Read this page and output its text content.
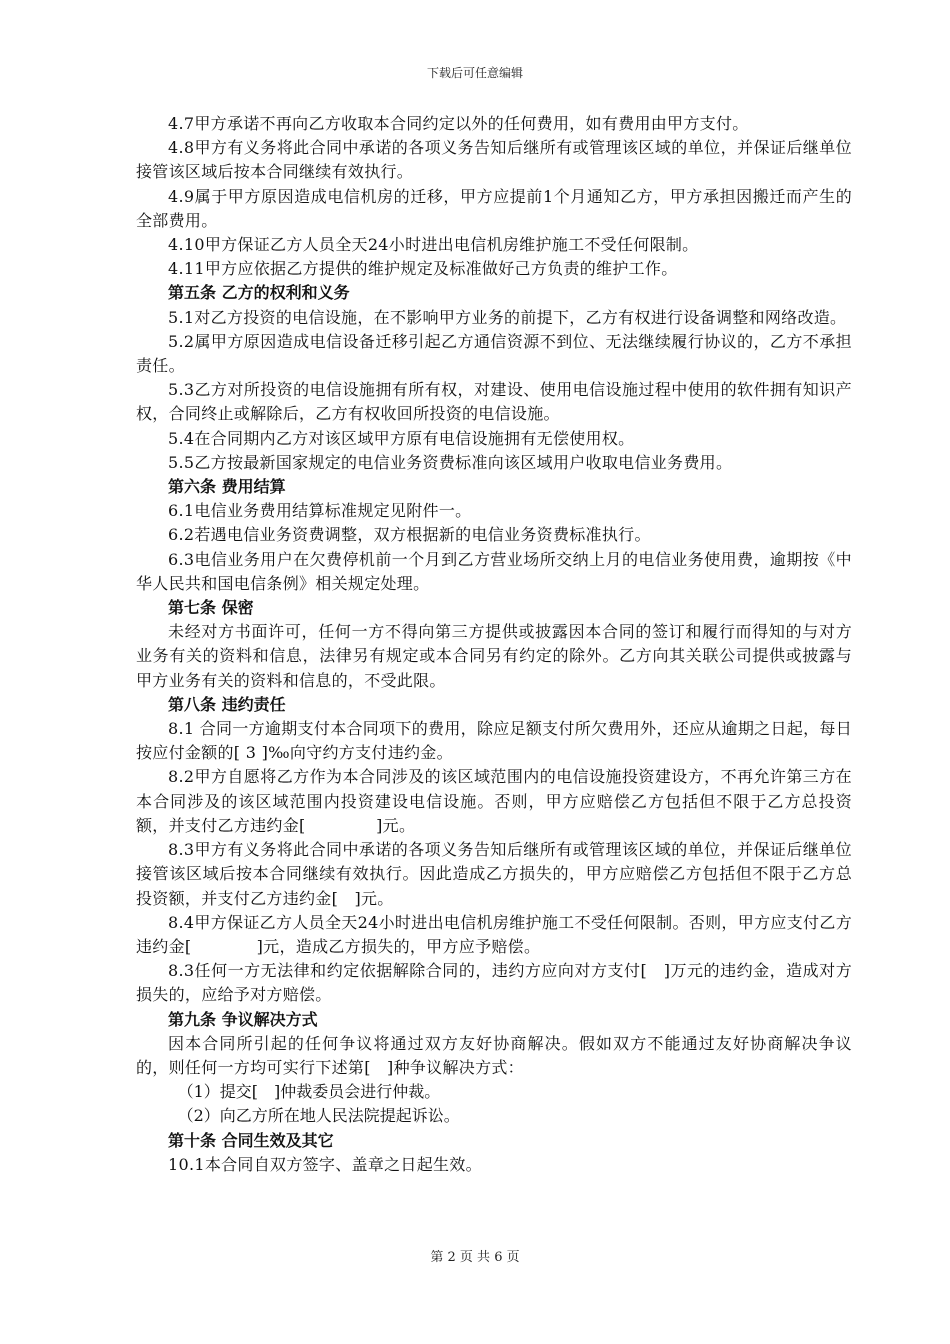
下载后可任意编辑

4.7甲方承诺不再向乙方收取本合同约定以外的任何费用，如有费用由甲方支付。

4.8甲方有义务将此合同中承诺的各项义务告知后继所有或管理该区域的单位，并保证后继单位接管该区域后按本合同继续有效执行。

4.9属于甲方原因造成电信机房的迁移，甲方应提前1个月通知乙方，甲方承担因搬迁而产生的全部费用。

4.10甲方保证乙方人员全天24小时进出电信机房维护施工不受任何限制。

4.11甲方应依据乙方提供的维护规定及标准做好己方负责的维护工作。

第五条 乙方的权利和义务

5.1对乙方投资的电信设施，在不影响甲方业务的前提下，乙方有权进行设备调整和网络改造。

5.2属甲方原因造成电信设备迁移引起乙方通信资源不到位、无法继续履行协议的，乙方不承担责任。

5.3乙方对所投资的电信设施拥有所有权，对建设、使用电信设施过程中使用的软件拥有知识产权，合同终止或解除后，乙方有权收回所投资的电信设施。

5.4在合同期内乙方对该区域甲方原有电信设施拥有无偿使用权。

5.5乙方按最新国家规定的电信业务资费标准向该区域用户收取电信业务费用。

第六条 费用结算

6.1电信业务费用结算标准规定见附件一。

6.2若遇电信业务资费调整，双方根据新的电信业务资费标准执行。

6.3电信业务用户在欠费停机前一个月到乙方营业场所交纳上月的电信业务使用费，逾期按《中华人民共和国电信条例》相关规定处理。

第七条 保密

未经对方书面许可，任何一方不得向第三方提供或披露因本合同的签订和履行而得知的与对方业务有关的资料和信息，法律另有规定或本合同另有约定的除外。乙方向其关联公司提供或披露与甲方业务有关的资料和信息的，不受此限。

第八条 违约责任

8.1 合同一方逾期支付本合同项下的费用，除应足额支付所欠费用外，还应从逾期之日起，每日按应付金额的[ 3 ]‰向守约方支付违约金。

8.2甲方自愿将乙方作为本合同涉及的该区域范围内的电信设施投资建设方，不再允许第三方在本合同涉及的该区域范围内投资建设电信设施。否则，甲方应赔偿乙方包括但不限于乙方总投资额，并支付乙方违约金[　　　　 ]元。

8.3甲方有义务将此合同中承诺的各项义务告知后继所有或管理该区域的单位，并保证后继单位接管该区域后按本合同继续有效执行。因此造成乙方损失的，甲方应赔偿乙方包括但不限于乙方总投资额，并支付乙方违约金[　]元。

8.4甲方保证乙方人员全天24小时进出电信机房维护施工不受任何限制。否则，甲方应支付乙方违约金[　　　　]元，造成乙方损失的，甲方应予赔偿。

8.3任何一方无法律和约定依据解除合同的，违约方应向对方支付[　]万元的违约金，造成对方损失的，应给予对方赔偿。

第九条 争议解决方式

因本合同所引起的任何争议将通过双方友好协商解决。假如双方不能通过友好协商解决争议的，则任何一方均可实行下述第[　]种争议解决方式：

（1）提交[　]仲裁委员会进行仲裁。

（2）向乙方所在地人民法院提起诉讼。

第十条 合同生效及其它

10.1本合同自双方签字、盖章之日起生效。

第 2 页 共 6 页
